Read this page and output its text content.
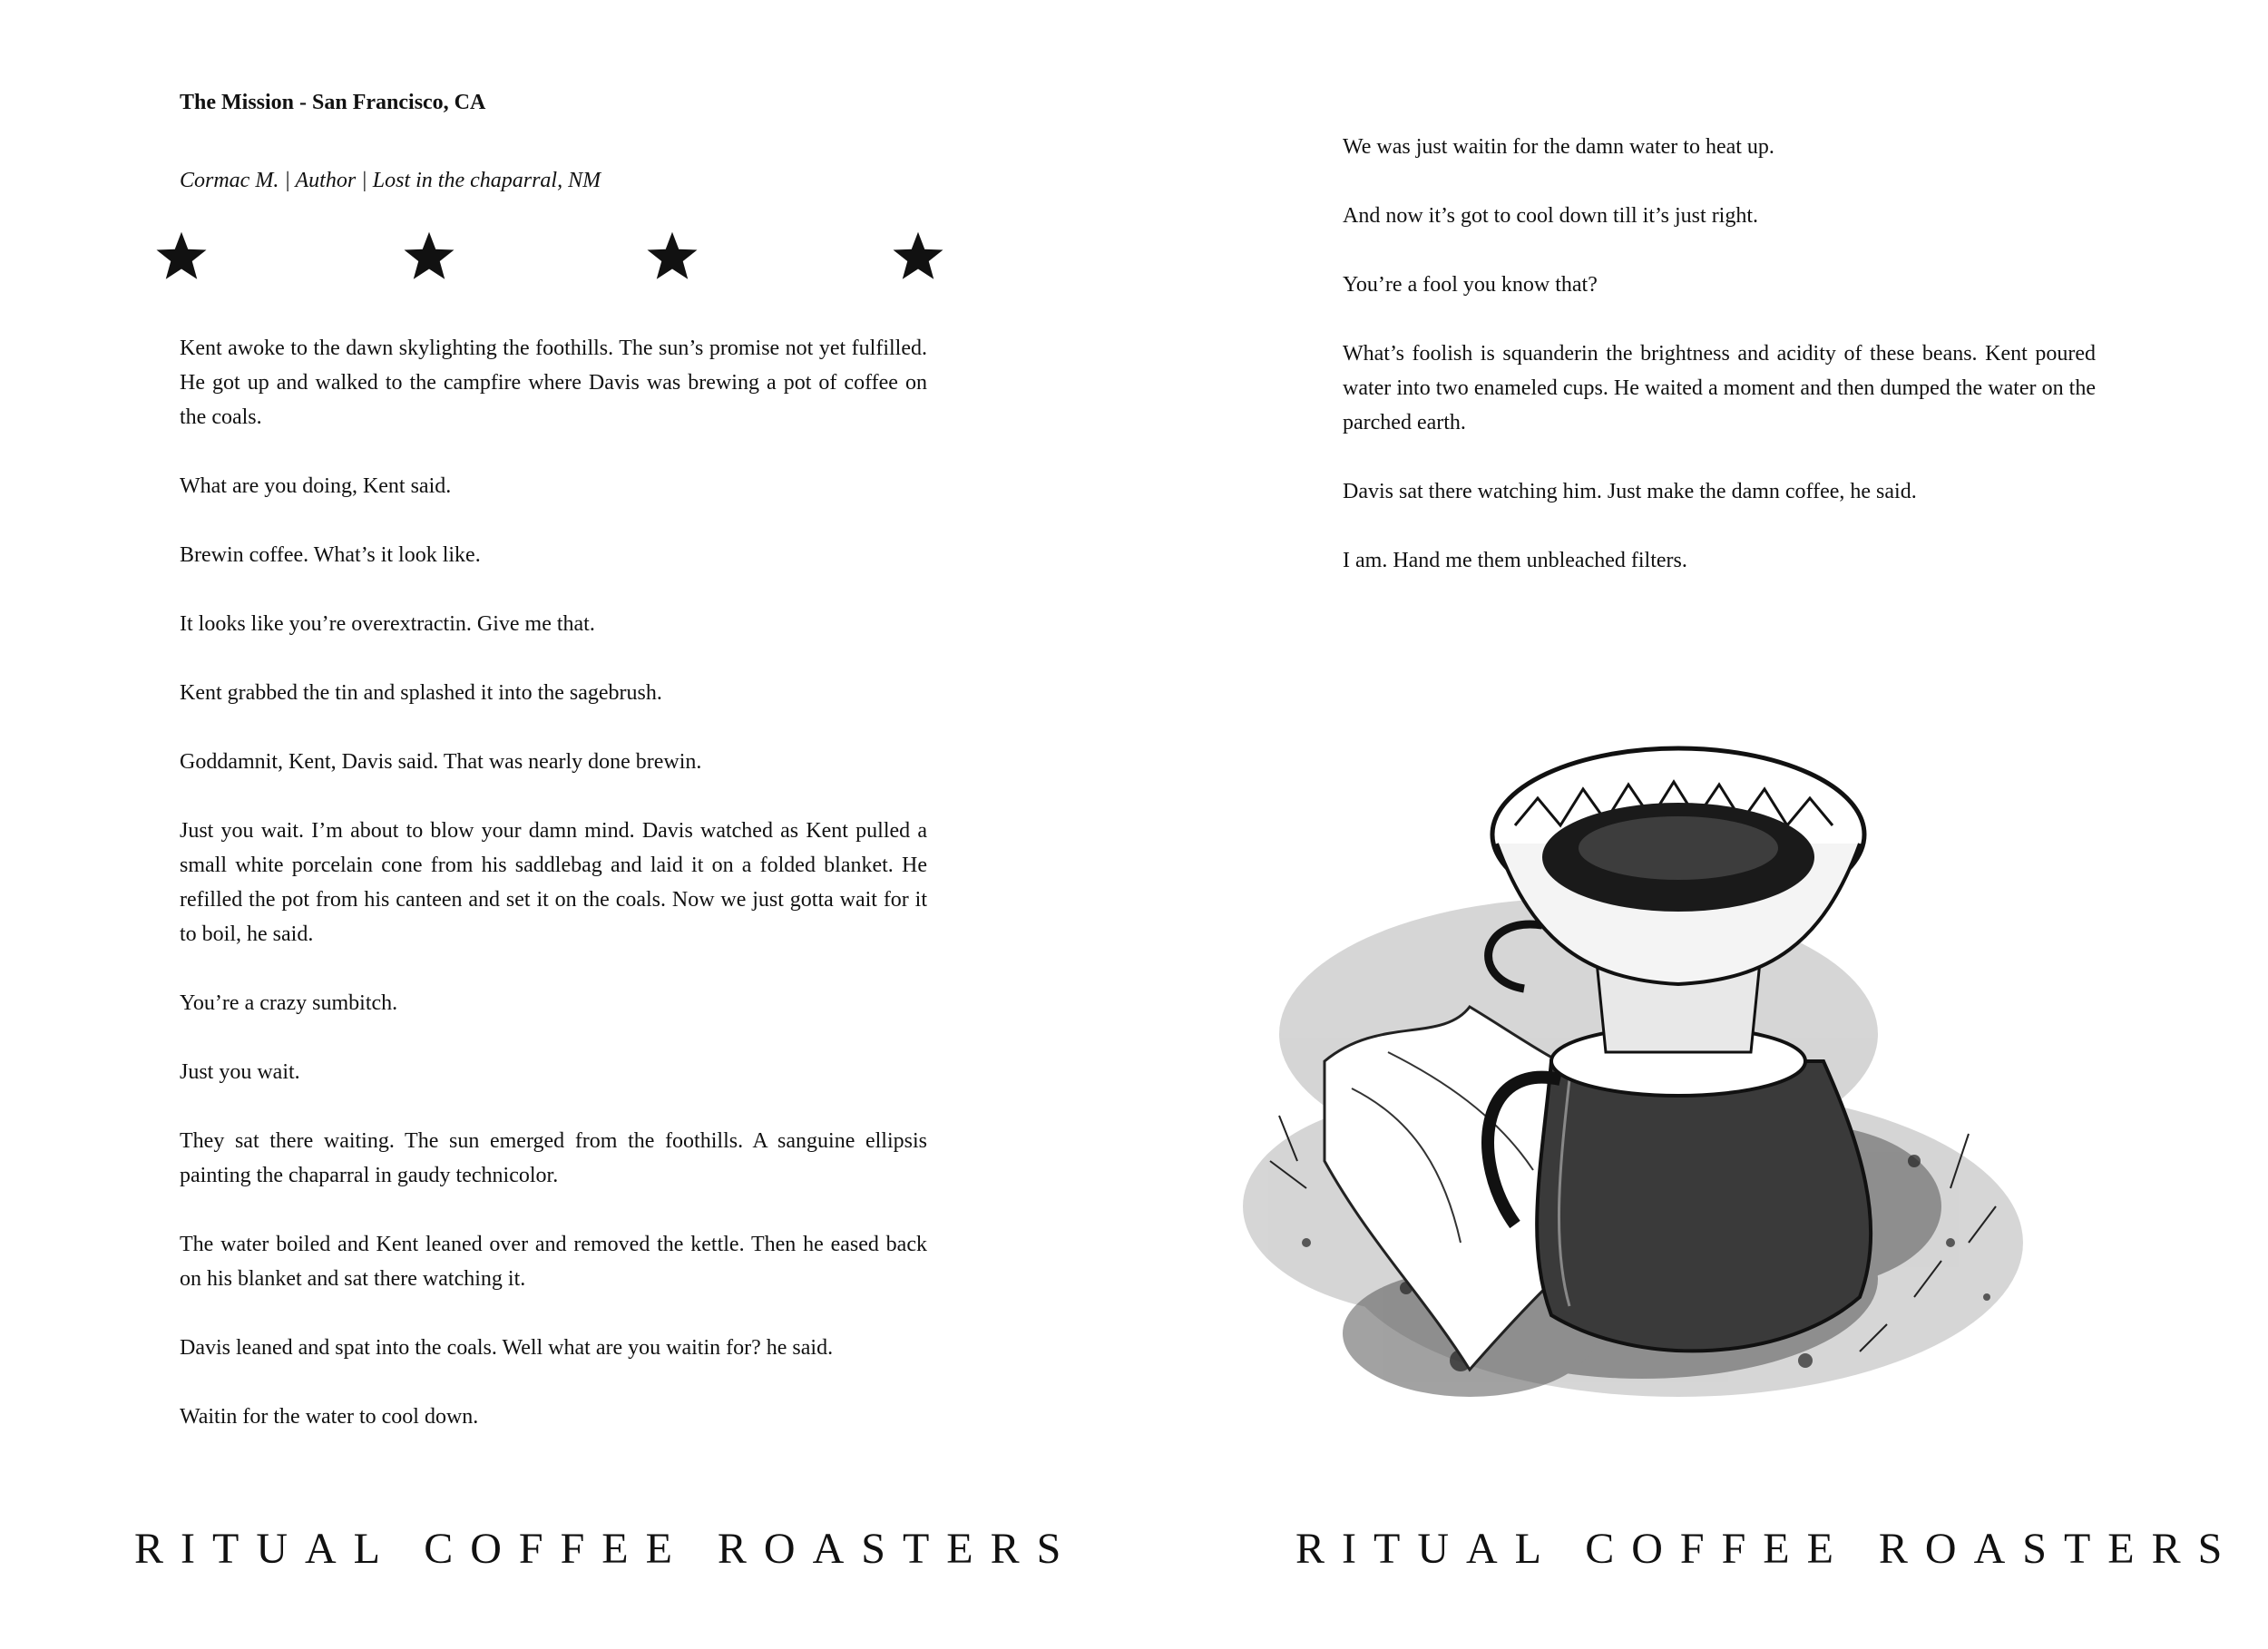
The Mission - San Francisco, CA
Cormac M. | Author | Lost in the chaparral, NM

Kent awoke to the dawn skylighting the foothills. The sun’s promise not yet fulfilled. He got up and walked to the campfire where Davis was brewing a pot of coffee on the coals.

What are you doing, Kent said.

Brewin coffee. What’s it look like.

It looks like you’re overextractin. Give me that.

Kent grabbed the tin and splashed it into the sagebrush.

Goddamnit, Kent, Davis said. That was nearly done brewin.

Just you wait. I’m about to blow your damn mind. Davis watched as Kent pulled a small white porcelain cone from his saddlebag and laid it on a folded blanket. He refilled the pot from his canteen and set it on the coals. Now we just gotta wait for it to boil, he said.

You’re a crazy sumbitch.

Just you wait.

They sat there waiting. The sun emerged from the foothills. A sanguine ellipsis painting the chaparral in gaudy technicolor.

The water boiled and Kent leaned over and removed the kettle. Then he eased back on his blanket and sat there watching it.

Davis leaned and spat into the coals. Well what are you waitin for? he said.

Waitin for the water to cool down.

RITUAL COFFEE ROASTERS

We was just waitin for the damn water to heat up.

And now it’s got to cool down till it’s just right.

You’re a fool you know that?

What’s foolish is squanderin the brightness and acidity of these beans. Kent poured water into two enameled cups. He waited a moment and then dumped the water on the parched earth.

Davis sat there watching him. Just make the damn coffee, he said.

I am. Hand me them unbleached filters.

RITUAL COFFEE ROASTERS
